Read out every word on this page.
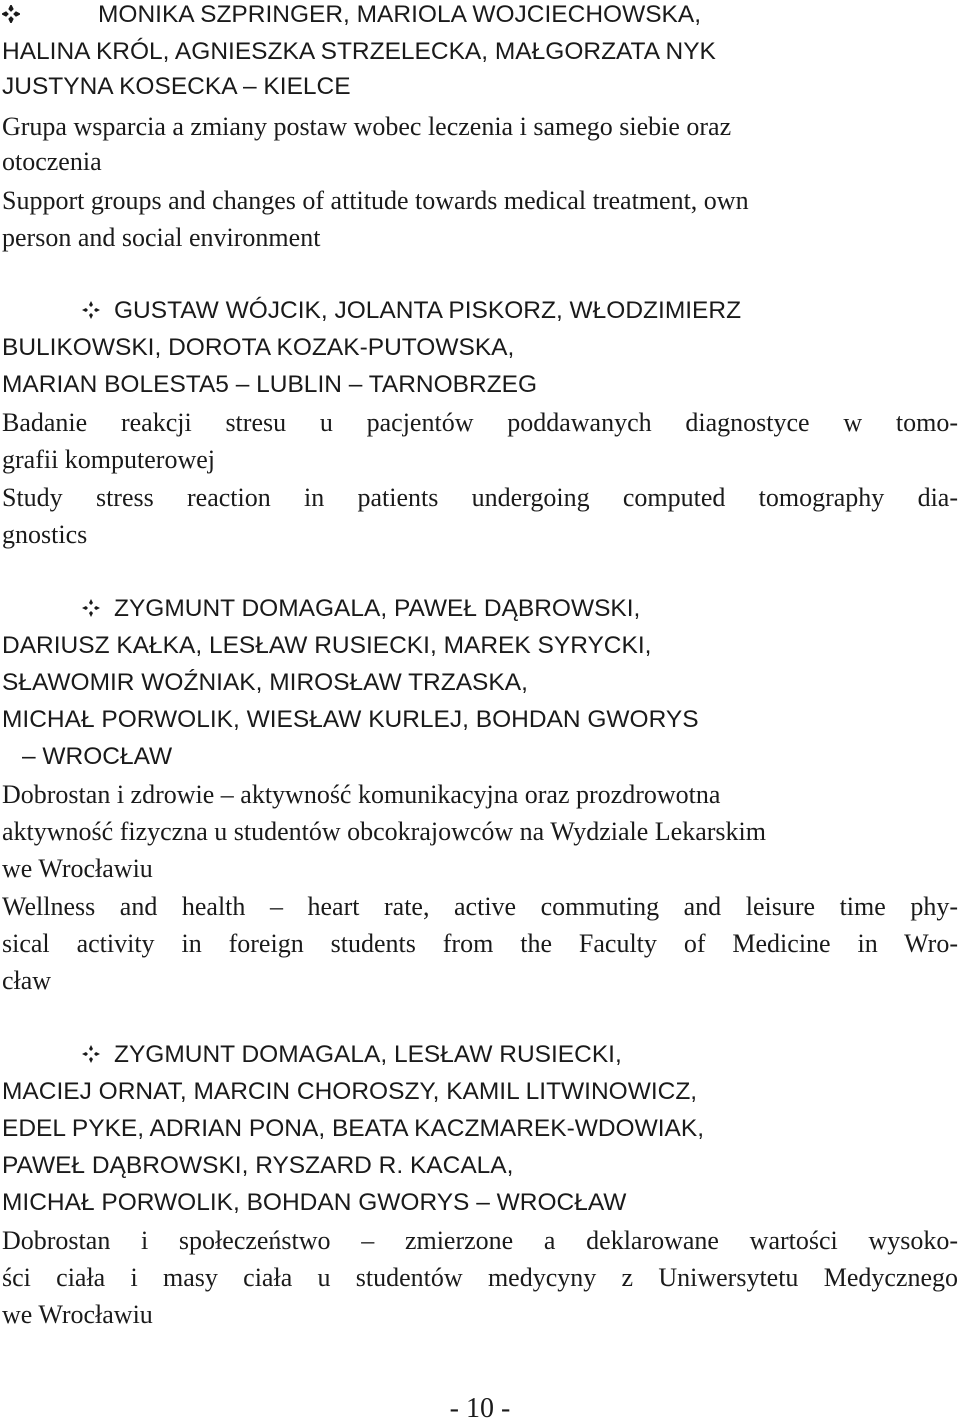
MONIKA SZPRINGER, MARIOLA WOJCIECHOWSKA,
HALINA KRÓL, AGNIESZKA STRZELECKA, MAŁGORZATA NYK
JUSTYNA KOSECKA – KIELCE
Grupa wsparcia a zmiany postaw wobec leczenia i samego siebie oraz
otoczenia
Support groups and changes of attitude towards medical treatment, own
person and social environment
GUSTAW WÓJCIK, JOLANTA PISKORZ, WŁODZIMIERZ
BULIKOWSKI, DOROTA KOZAK-PUTOWSKA,
MARIAN BOLESTA5 – LUBLIN – TARNOBRZEG
Badanie reakcji stresu u pacjentów poddawanych diagnostyce w tomo-
grafii komputerowej
Study stress reaction in patients undergoing computed tomography dia-
gnostics
ZYGMUNT DOMAGALA, PAWEŁ DĄBROWSKI,
DARIUSZ KAŁKA, LESŁAW RUSIECKI, MAREK SYRYCKI,
SŁAWOMIR WOŹNIAK, MIROSŁAW TRZASKA,
MICHAŁ PORWOLIK, WIESŁAW KURLEJ, BOHDAN GWORYS
– WROCŁAW
Dobrostan i zdrowie – aktywność komunikacyjna oraz prozdrowotna
aktywność fizyczna u studentów obcokrajowców na Wydziale Lekarskim
we Wrocławiu
Wellness and health – heart rate, active commuting and leisure time phy-
sical activity in foreign students from the Faculty of Medicine in Wro-
cław
ZYGMUNT DOMAGALA, LESŁAW RUSIECKI,
MACIEJ ORNAT, MARCIN CHOROSZY, KAMIL LITWINOWICZ,
EDEL PYKE, ADRIAN PONA, BEATA KACZMAREK-WDOWIAK,
PAWEŁ DĄBROWSKI, RYSZARD R. KACALA,
MICHAŁ PORWOLIK, BOHDAN GWORYS – WROCŁAW
Dobrostan i społeczeństwo – zmierzone a deklarowane wartości wysoko-
ści ciała i masy ciała u studentów medycyny z Uniwersytetu Medycznego
we Wrocławiu
- 10 -
